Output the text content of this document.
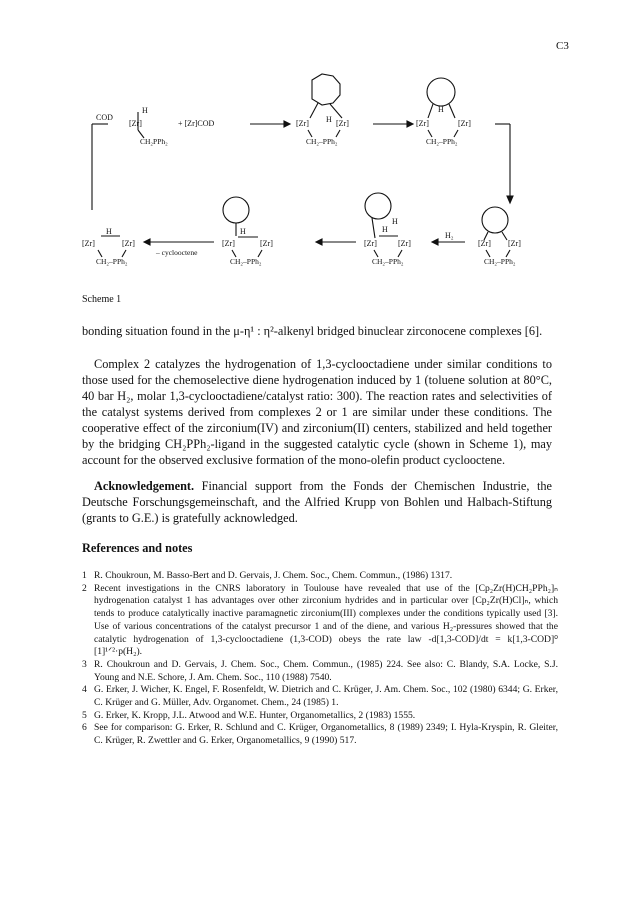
C3
COD
[Zr]
H
CH₂PPh₂
+ [Zr]COD	[Zr]	[Zr]
H
CH₂–PPh₂
[Zr]	[Zr]
H
CH₂–PPh₂
[Zr] [Zr]
CH₂–PPh₂
H₂
[Zr]	[Zr]
H
H
CH₂–PPh₂
[Zr]	[Zr]
H
CH₂–PPh₂
– cyclooctene
[Zr]	[Zr]
H
CH₂–PPh₂
Scheme 1

bonding situation found in the μ-η¹ : η²-alkenyl bridged binuclear zirconocene complexes [6].

Complex 2 catalyzes the hydrogenation of 1,3-cyclooctadiene under similar conditions to those used for the chemoselective diene hydrogenation induced by 1 (toluene solution at 80°C, 40 bar H₂, molar 1,3-cyclooctadiene/catalyst ratio: 300). The reaction rates and selectivities of the catalyst systems derived from complexes 2 or 1 are similar under these conditions. The cooperative effect of the zirconium(IV) and zirconium(II) centers, stabilized and held together by the bridging CH₂PPh₂-ligand in the suggested catalytic cycle (shown in Scheme 1), may account for the observed exclusive formation of the mono-olefin product cyclooctene.

Acknowledgement. Financial support from the Fonds der Chemischen Industrie, the Deutsche Forschungsgemeinschaft, and the Alfried Krupp von Bohlen und Halbach-Stiftung (grants to G.E.) is gratefully acknowledged.

References and notes
1 R. Choukroun, M. Basso-Bert and D. Gervais, J. Chem. Soc., Chem. Commun., (1986) 1317.
2 Recent investigations in the CNRS laboratory in Toulouse have revealed that use of the [Cp₂Zr(H)CH₂PPh₂]ₙ hydrogenation catalyst 1 has advantages over other zirconium hydrides and in particular over [Cp₂Zr(H)Cl]ₙ, which tends to produce catalytically inactive paramagnetic zirconium(III) complexes under the conditions typically used [3]. Use of various concentrations of the catalyst precursor 1 and of the diene, and various H₂-pressures showed that the catalytic hydrogenation of 1,3-cyclooctadiene (1,3-COD) obeys the rate law -d[1,3-COD]/dt = k[1,3-COD]⁰ [1]¹ᐟ²·p(H₂).
3 R. Choukroun and D. Gervais, J. Chem. Soc., Chem. Commun., (1985) 224. See also: C. Blandy, S.A. Locke, S.J. Young and N.E. Schore, J. Am. Chem. Soc., 110 (1988) 7540.
4 G. Erker, J. Wicher, K. Engel, F. Rosenfeldt, W. Dietrich and C. Krüger, J. Am. Chem. Soc., 102 (1980) 6344; G. Erker, C. Krüger and G. Müller, Adv. Organomet. Chem., 24 (1985) 1.
5 G. Erker, K. Kropp, J.L. Atwood and W.E. Hunter, Organometallics, 2 (1983) 1555.
6 See for comparison: G. Erker, R. Schlund and C. Krüger, Organometallics, 8 (1989) 2349; I. Hyla-Kryspin, R. Gleiter, C. Krüger, R. Zwettler and G. Erker, Organometallics, 9 (1990) 517.
